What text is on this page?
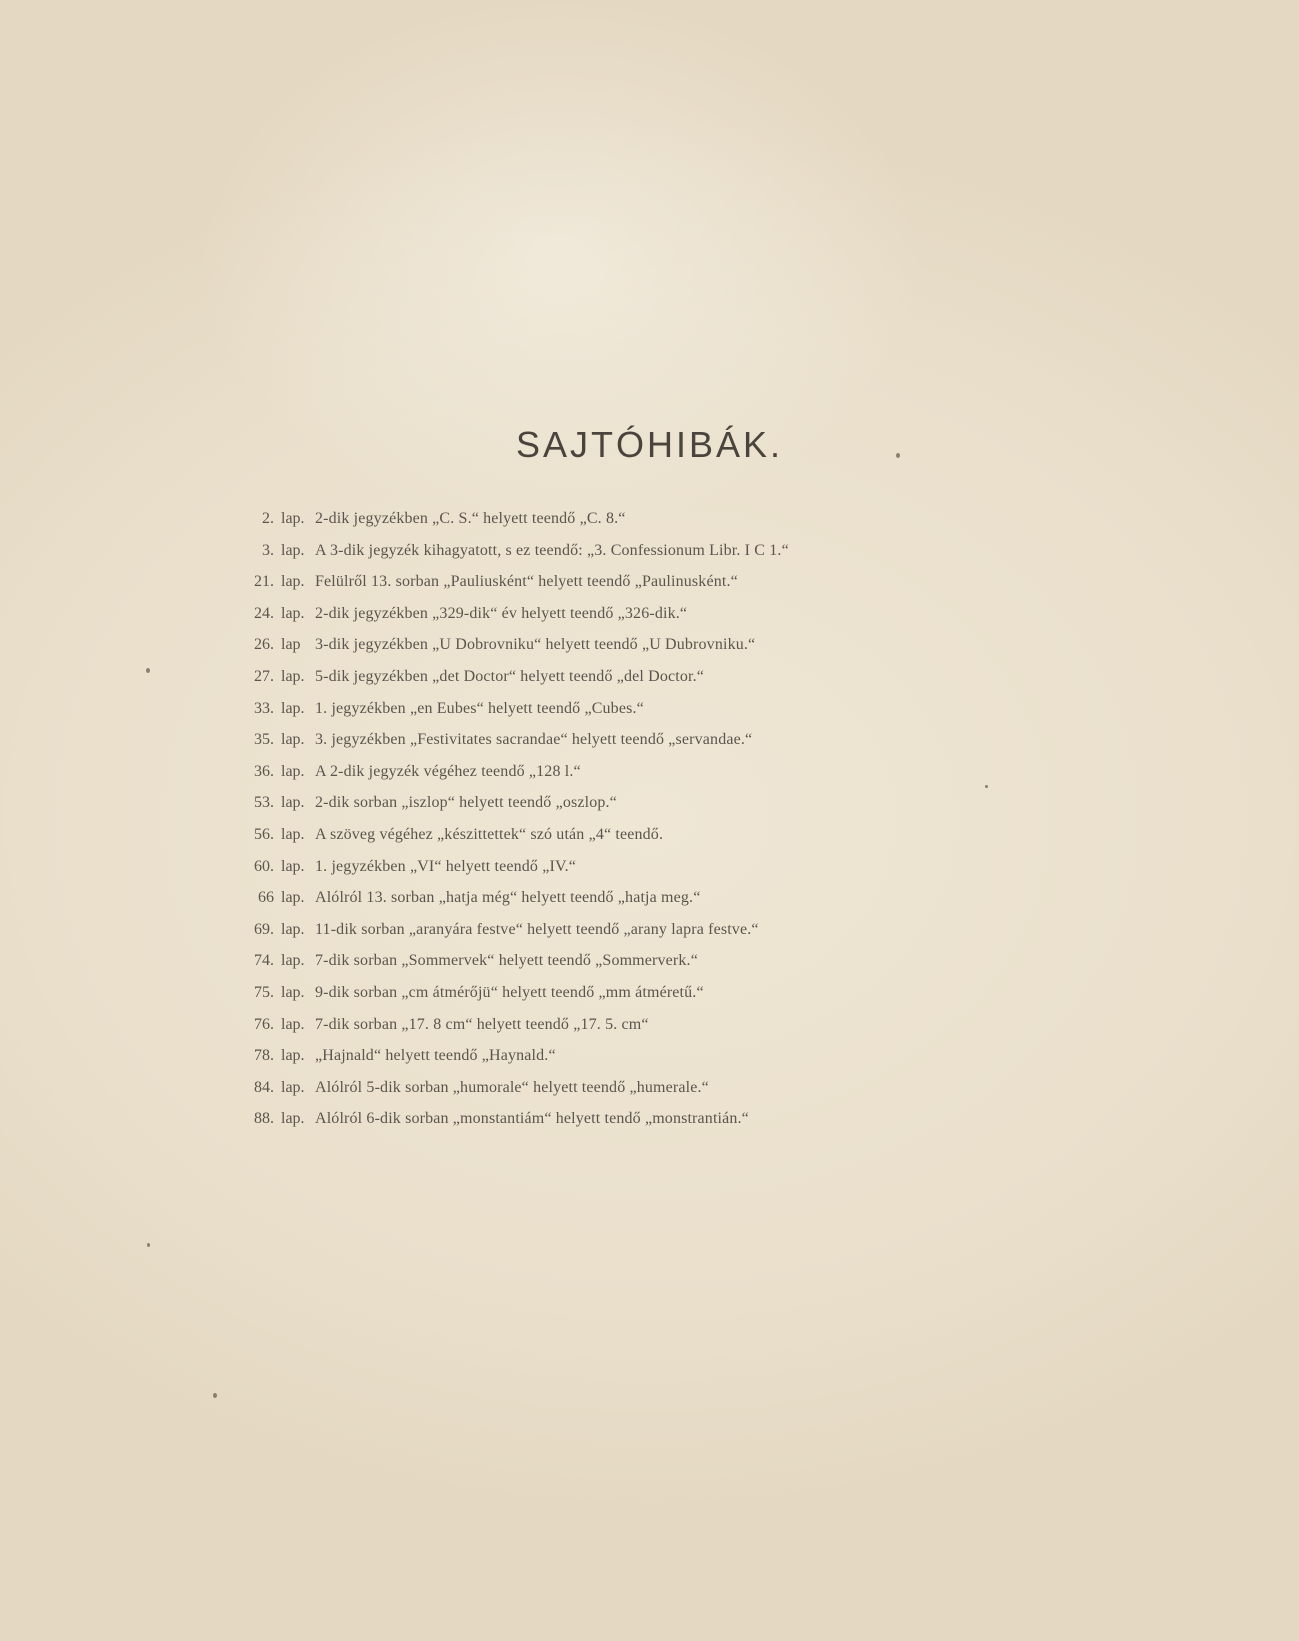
SAJTÓHIBÁK.
2. lap. 2-dik jegyzékben „C. S.“ helyett teendő „C. 8.“
3. lap. A 3-dik jegyzék kihagyatott, s ez teendő: „3. Confessionum Libr. I C 1.“
21. lap. Felülről 13. sorban „Pauliusként“ helyett teendő „Paulinusként.“
24. lap. 2-dik jegyzékben „329-dik“ év helyett teendő „326-dik.“
26. lap 3-dik jegyzékben „U Dobrovniku“ helyett teendő „U Dubrovniku.“
27. lap. 5-dik jegyzékben „det Doctor“ helyett teendő „del Doctor.“
33. lap. 1. jegyzékben „en Eubes“ helyett teendő „Cubes.“
35. lap. 3. jegyzékben „Festivitates sacrandae“ helyett teendő „servandae.“
36. lap. A 2-dik jegyzék végéhez teendő „128 l.“
53. lap. 2-dik sorban „iszlop“ helyett teendő „oszlop.“
56. lap. A szöveg végéhez „készittettek“ szó után „4“ teendő.
60. lap. 1. jegyzékben „VI“ helyett teendő „IV.“
66 lap. Alólról 13. sorban „hatja még“ helyett teendő „hatja meg.“
69. lap. 11-dik sorban „aranyára festve“ helyett teendő „arany lapra festve.“
74. lap. 7-dik sorban „Sommervek“ helyett teendő „Sommerverk.“
75. lap. 9-dik sorban „cm átmérőjü“ helyett teendő „mm átméretű.“
76. lap. 7-dik sorban „17. 8 cm“ helyett teendő „17. 5. cm“
78. lap. „Hajnald“ helyett teendő „Haynald.“
84. lap. Alólról 5-dik sorban „humorale“ helyett teendő „humerale.“
88. lap. Alólról 6-dik sorban „monstantiám“ helyett tendő „monstrantián.“
